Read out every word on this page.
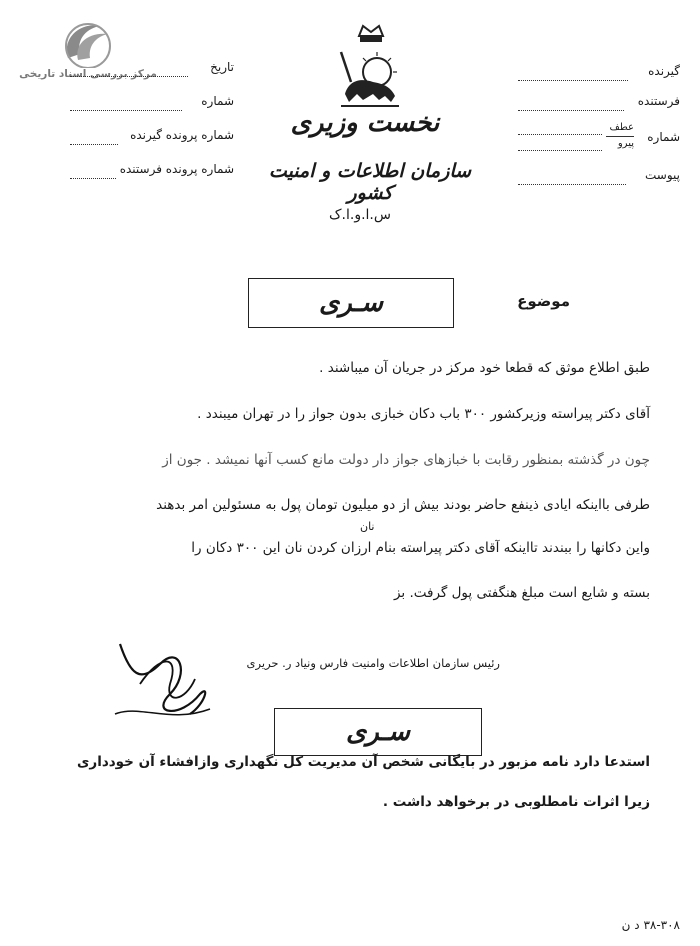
مرکز بررسی اسناد تاریخی
نخست وزیری
سازمان اطلاعات و امنیت کشور
س.ا.و.ا.ک
تاریخ
شماره
شماره پرونده گیرنده
شماره پرونده فرستنده
گیرنده
فرستنده
شماره
عطف
پیرو
پیوست
موضوع
سـری
طبق اطلاع موثق که قطعا خود مرکز در جریان آن میباشند .
آقای دکتر پیراسته وزیرکشور ۳۰۰ باب دکان خبازی بدون جواز را در تهران میبندد .
چون در گذشته بمنظور رقابت با خبازهای جواز دار دولت مانع کسب آنها نمیشد . جون از
طرفی بااینکه ایادی ذینفع حاضر بودند بیش از دو میلیون تومان پول به مسئولین امر بدهند
نان
واین دکانها را ببندند تااینکه آقای دکتر پیراسته بنام ارزان کردن نان این ۳۰۰ دکان را
بسته و شایع است مبلغ هنگفتی پول گرفت. بز
رئیس سازمان اطلاعات وامنیت فارس ونیاد ر. حریری
سـری
استدعا دارد نامه مزبور در بایگانی شخص آن مدیریت کل نگهداری وازافشاء آن خودداری
زیرا اثرات نامطلوبی در برخواهد داشت .
۳۸-۳۰۸ د ن
